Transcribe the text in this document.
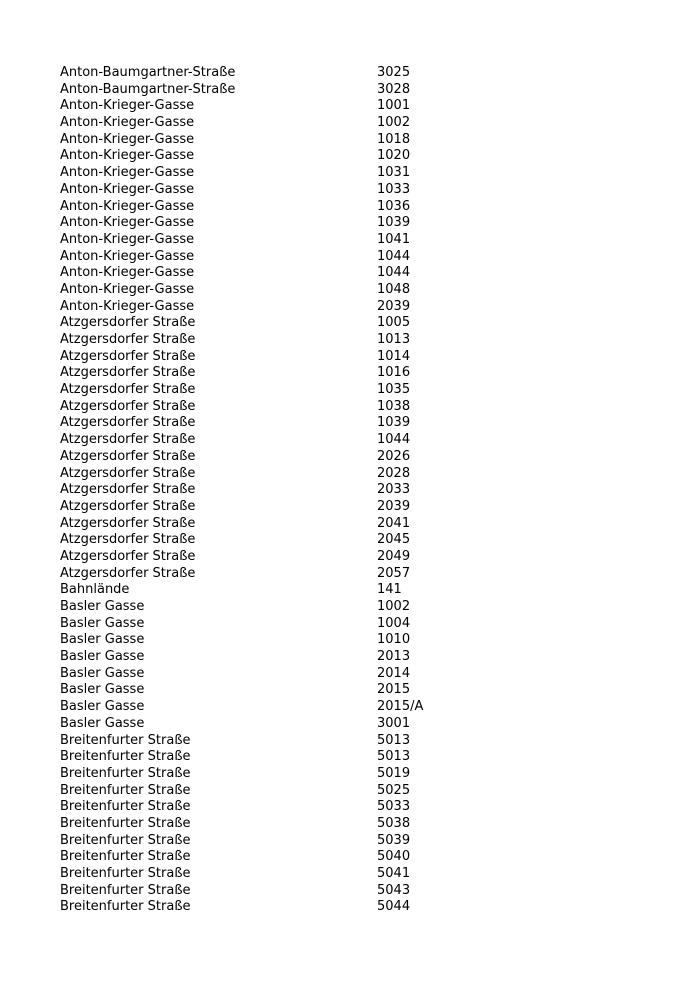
Anton-Baumgartner-Straße	3025
Anton-Baumgartner-Straße	3028
Anton-Krieger-Gasse	1001
Anton-Krieger-Gasse	1002
Anton-Krieger-Gasse	1018
Anton-Krieger-Gasse	1020
Anton-Krieger-Gasse	1031
Anton-Krieger-Gasse	1033
Anton-Krieger-Gasse	1036
Anton-Krieger-Gasse	1039
Anton-Krieger-Gasse	1041
Anton-Krieger-Gasse	1044
Anton-Krieger-Gasse	1044
Anton-Krieger-Gasse	1048
Anton-Krieger-Gasse	2039
Atzgersdorfer Straße	1005
Atzgersdorfer Straße	1013
Atzgersdorfer Straße	1014
Atzgersdorfer Straße	1016
Atzgersdorfer Straße	1035
Atzgersdorfer Straße	1038
Atzgersdorfer Straße	1039
Atzgersdorfer Straße	1044
Atzgersdorfer Straße	2026
Atzgersdorfer Straße	2028
Atzgersdorfer Straße	2033
Atzgersdorfer Straße	2039
Atzgersdorfer Straße	2041
Atzgersdorfer Straße	2045
Atzgersdorfer Straße	2049
Atzgersdorfer Straße	2057
Bahnlände	141
Basler Gasse	1002
Basler Gasse	1004
Basler Gasse	1010
Basler Gasse	2013
Basler Gasse	2014
Basler Gasse	2015
Basler Gasse	2015/A
Basler Gasse	3001
Breitenfurter Straße	5013
Breitenfurter Straße	5013
Breitenfurter Straße	5019
Breitenfurter Straße	5025
Breitenfurter Straße	5033
Breitenfurter Straße	5038
Breitenfurter Straße	5039
Breitenfurter Straße	5040
Breitenfurter Straße	5041
Breitenfurter Straße	5043
Breitenfurter Straße	5044
